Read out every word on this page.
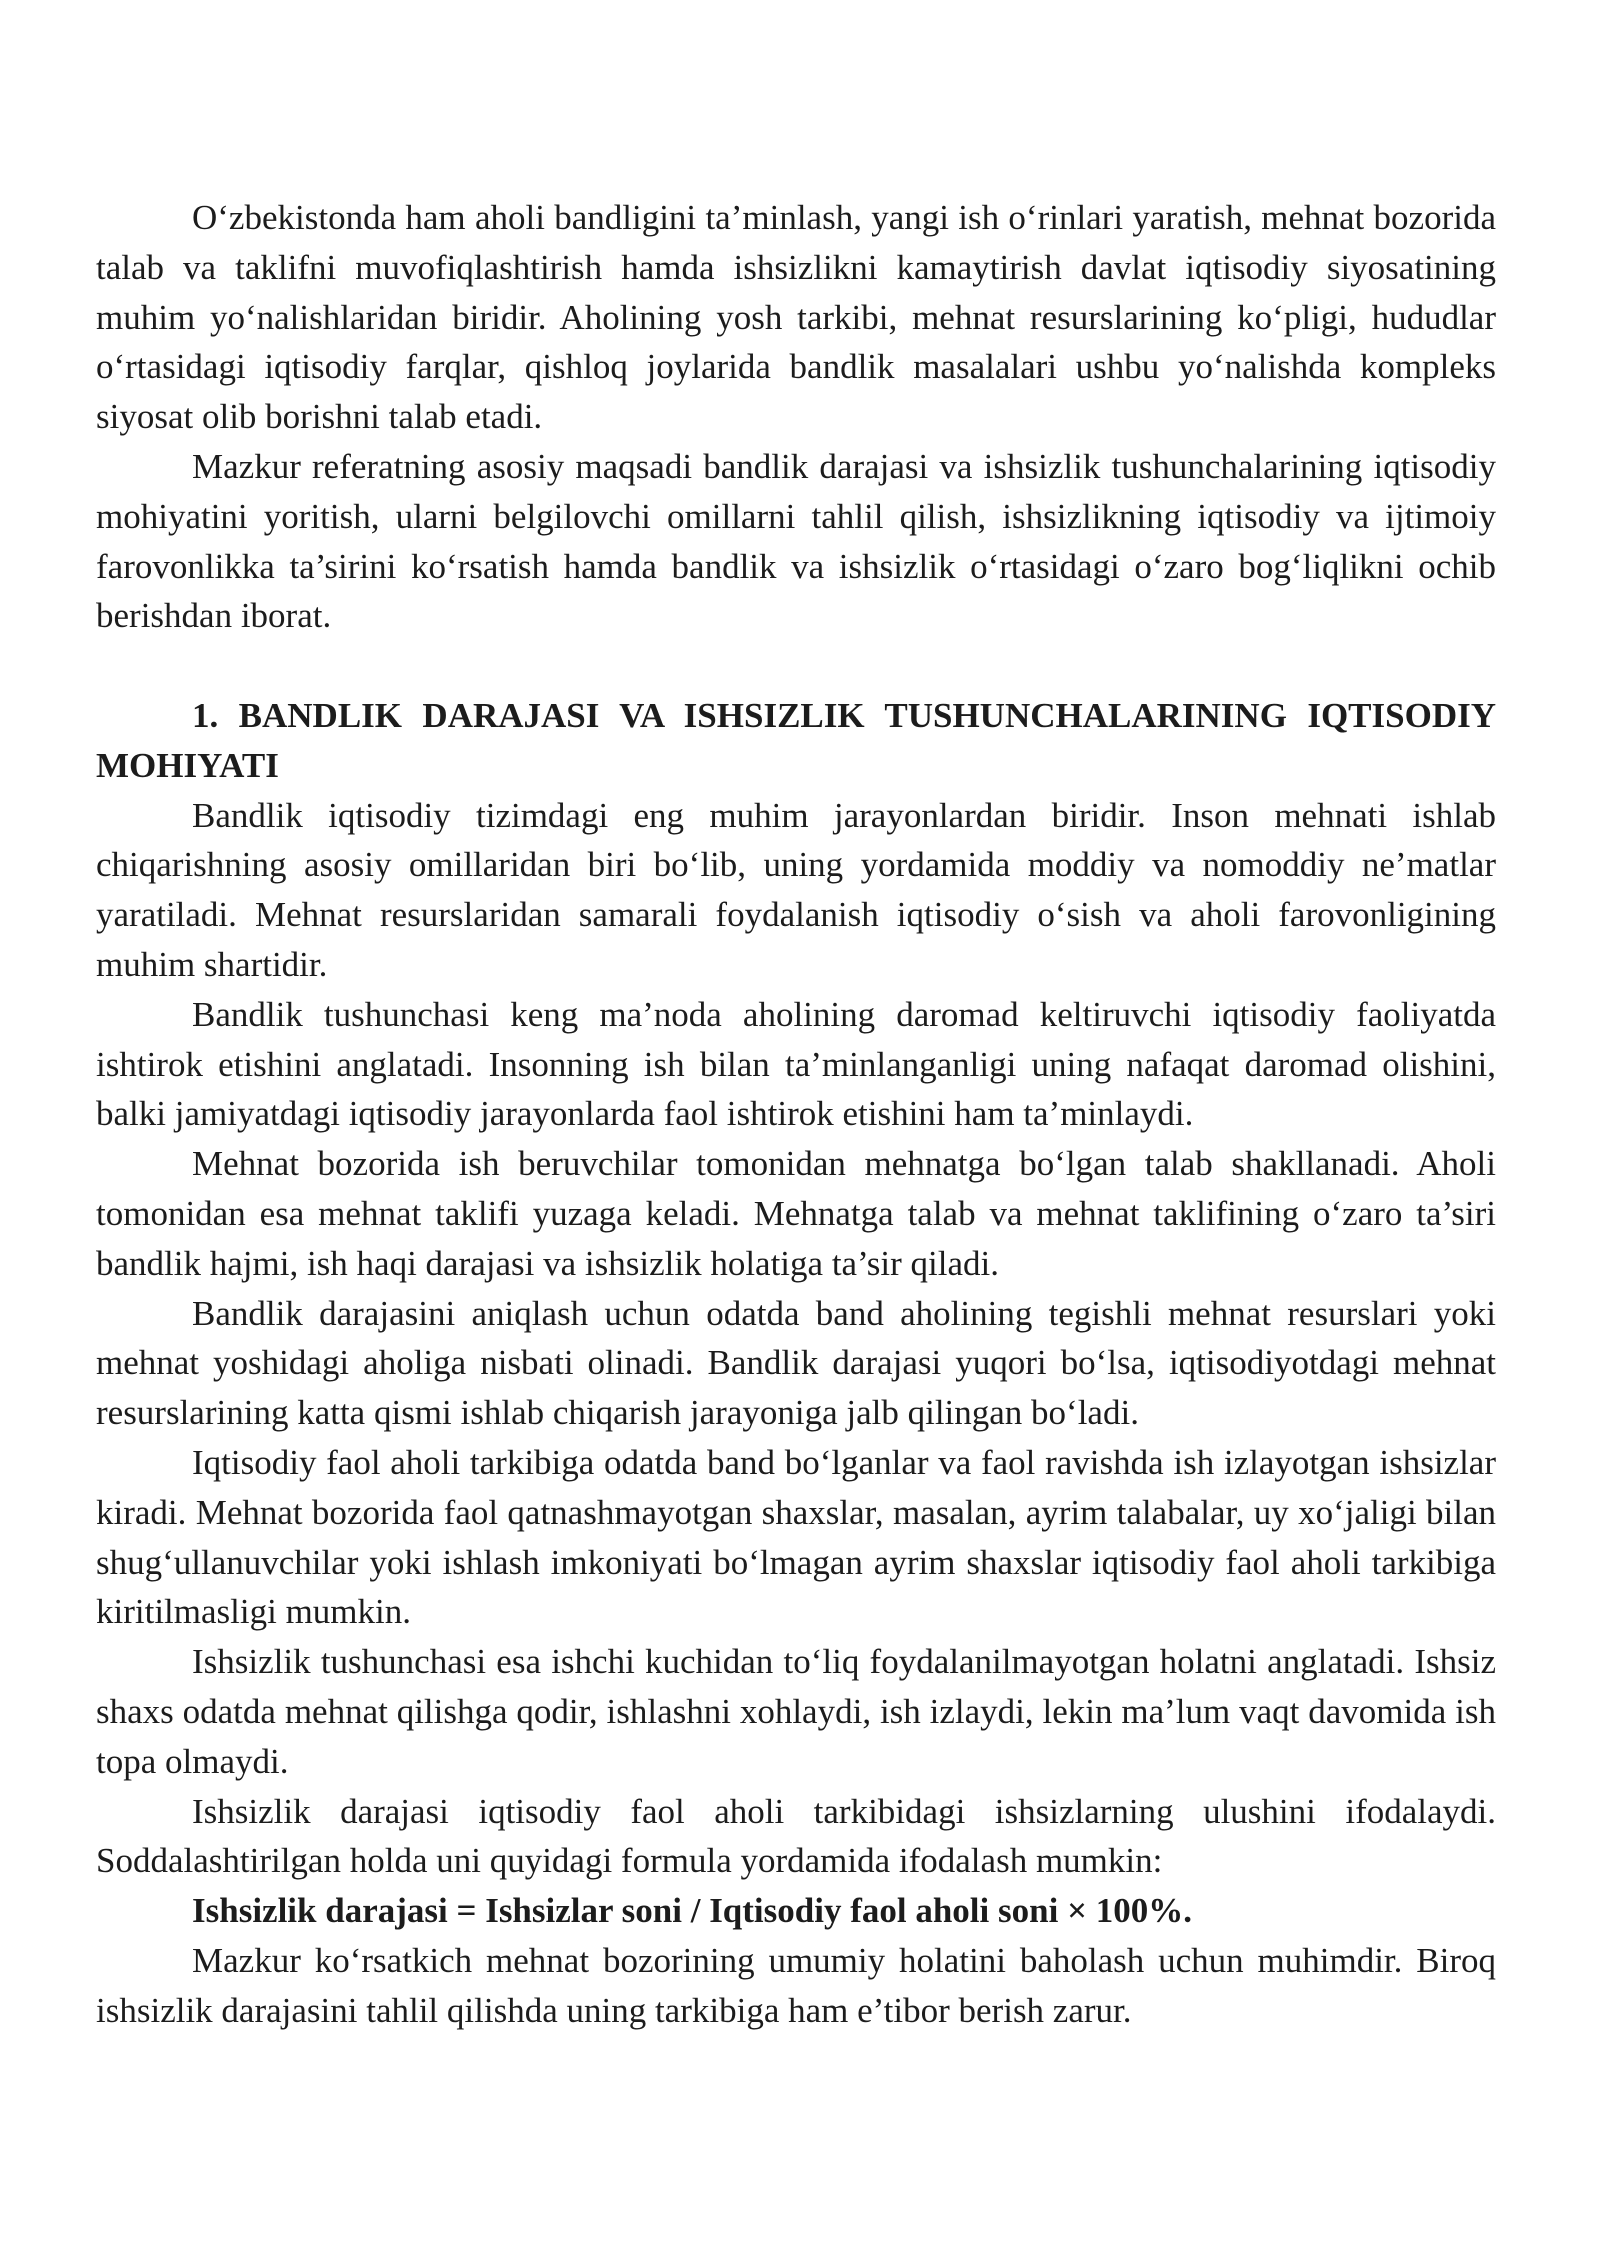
O‘zbekistonda ham aholi bandligini ta’minlash, yangi ish o‘rinlari yaratish, mehnat bozorida talab va taklifni muvofiqlashtirish hamda ishsizlikni kamaytirish davlat iqtisodiy siyosatining muhim yo‘nalishlaridan biridir. Aholining yosh tarkibi, mehnat resurslarining ko‘pligi, hududlar o‘rtasidagi iqtisodiy farqlar, qishloq joylarida bandlik masalalari ushbu yo‘nalishda kompleks siyosat olib borishni talab etadi.

Mazkur referatning asosiy maqsadi bandlik darajasi va ishsizlik tushunchalarining iqtisodiy mohiyatini yoritish, ularni belgilovchi omillarni tahlil qilish, ishsizlikning iqtisodiy va ijtimoiy farovonlikka ta’sirini ko‘rsatish hamda bandlik va ishsizlik o‘rtasidagi o‘zaro bog‘liqlikni ochib berishdan iborat.

1. BANDLIK DARAJASI VA ISHSIZLIK TUSHUNCHALARINING IQTISODIY MOHIYATI

Bandlik iqtisodiy tizimdagi eng muhim jarayonlardan biridir. Inson mehnati ishlab chiqarishning asosiy omillaridan biri bo‘lib, uning yordamida moddiy va nomoddiy ne’matlar yaratiladi. Mehnat resurslaridan samarali foydalanish iqtisodiy o‘sish va aholi farovonligining muhim shartidir.

Bandlik tushunchasi keng ma’noda aholining daromad keltiruvchi iqtisodiy faoliyatda ishtirok etishini anglatadi. Insonning ish bilan ta’minlanganligi uning nafaqat daromad olishini, balki jamiyatdagi iqtisodiy jarayonlarda faol ishtirok etishini ham ta’minlaydi.

Mehnat bozorida ish beruvchilar tomonidan mehnatga bo‘lgan talab shakllanadi. Aholi tomonidan esa mehnat taklifi yuzaga keladi. Mehnatga talab va mehnat taklifining o‘zaro ta’siri bandlik hajmi, ish haqi darajasi va ishsizlik holatiga ta’sir qiladi.

Bandlik darajasini aniqlash uchun odatda band aholining tegishli mehnat resurslari yoki mehnat yoshidagi aholiga nisbati olinadi. Bandlik darajasi yuqori bo‘lsa, iqtisodiyotdagi mehnat resurslarining katta qismi ishlab chiqarish jarayoniga jalb qilingan bo‘ladi.

Iqtisodiy faol aholi tarkibiga odatda band bo‘lganlar va faol ravishda ish izlayotgan ishsizlar kiradi. Mehnat bozorida faol qatnashmayotgan shaxslar, masalan, ayrim talabalar, uy xo‘jaligi bilan shug‘ullanuvchilar yoki ishlash imkoniyati bo‘lmagan ayrim shaxslar iqtisodiy faol aholi tarkibiga kiritilmasligi mumkin.

Ishsizlik tushunchasi esa ishchi kuchidan to‘liq foydalanilmayotgan holatni anglatadi. Ishsiz shaxs odatda mehnat qilishga qodir, ishlashni xohlaydi, ish izlaydi, lekin ma’lum vaqt davomida ish topa olmaydi.

Ishsizlik darajasi iqtisodiy faol aholi tarkibidagi ishsizlarning ulushini ifodalaydi. Soddalashtirilgan holda uni quyidagi formula yordamida ifodalash mumkin:

Ishsizlik darajasi = Ishsizlar soni / Iqtisodiy faol aholi soni × 100%.

Mazkur ko‘rsatkich mehnat bozorining umumiy holatini baholash uchun muhimdir. Biroq ishsizlik darajasini tahlil qilishda uning tarkibiga ham e’tibor berish zarur.
